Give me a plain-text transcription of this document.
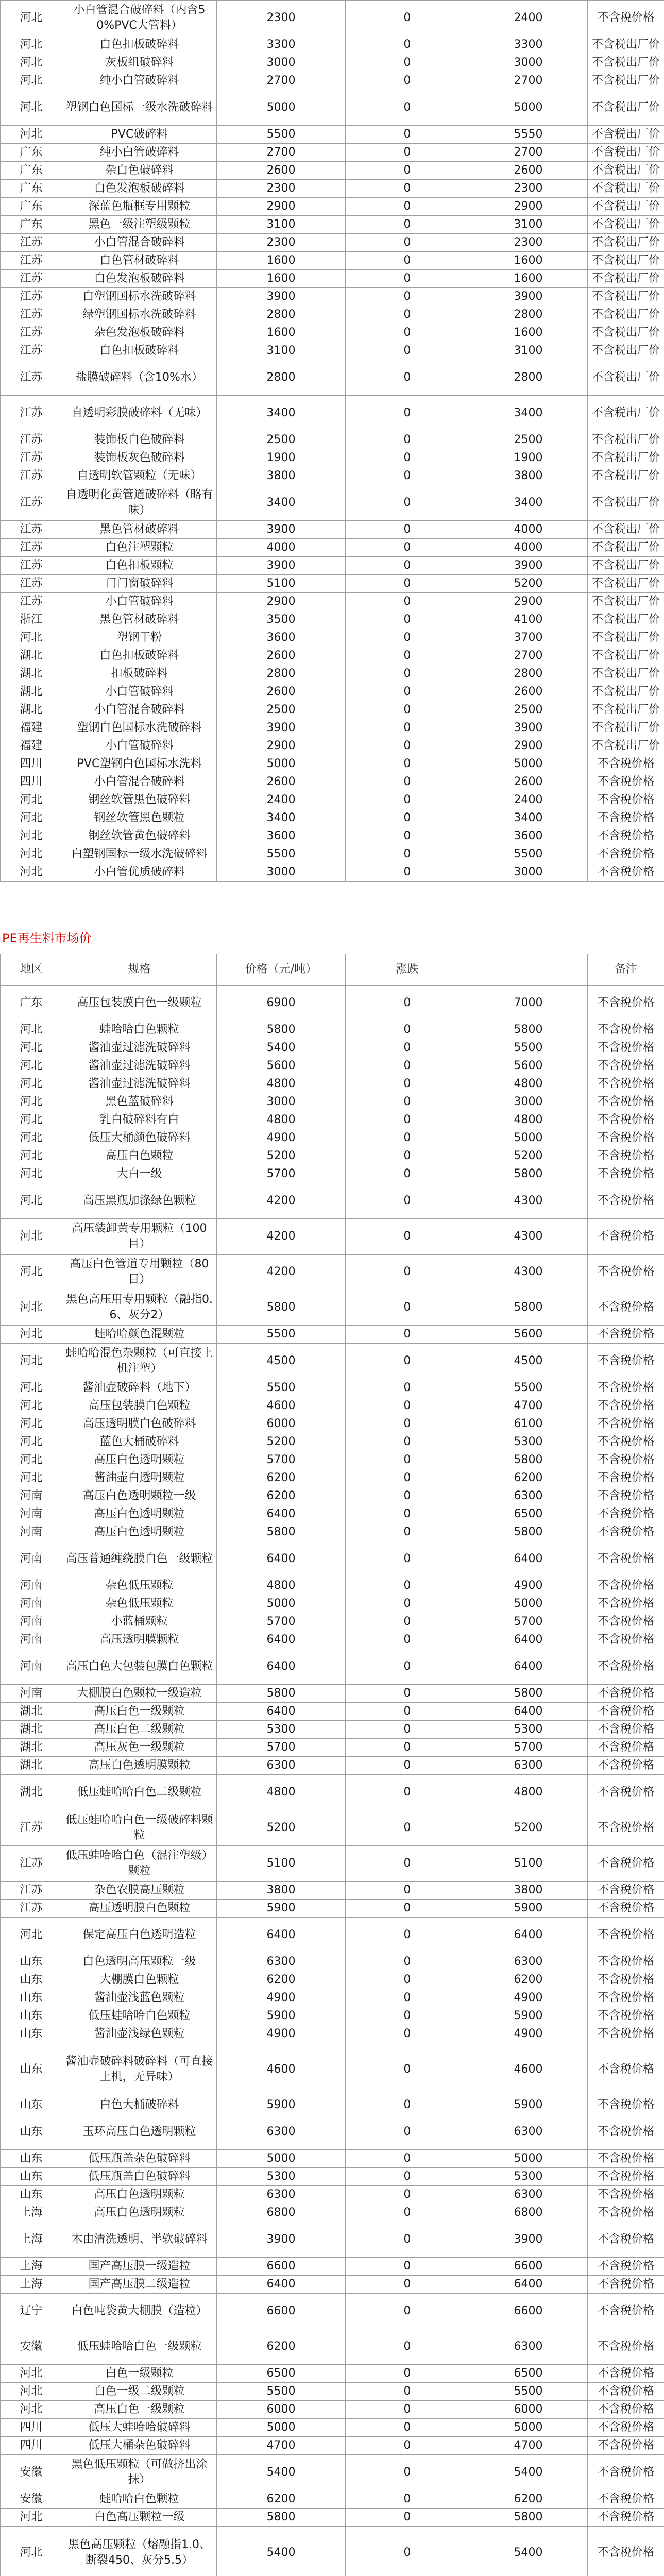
河北	小白管混合破碎料（内含50%PVC大管料）	2300	0	2400	不含税价格
河北	白色扣板破碎料	3300	0	3300	不含税出厂价
河北	灰板组破碎料	3000	0	3000	不含税出厂价
河北	纯小白管破碎料	2700	0	2700	不含税出厂价
河北	塑钢白色国标一级水洗破碎料	5000	0	5000	不含税出厂价
河北	PVC破碎料	5500	0	5550	不含税出厂价
广东	纯小白管破碎料	2700	0	2700	不含税出厂价
广东	杂白色破碎料	2600	0	2600	不含税出厂价
广东	白色发泡板破碎料	2300	0	2300	不含税出厂价
广东	深蓝色瓶框专用颗粒	2900	0	2900	不含税出厂价
广东	黑色一级注塑级颗粒	3100	0	3100	不含税出厂价
江苏	小白管混合破碎料	2300	0	2300	不含税出厂价
江苏	白色管材破碎料	1600	0	1600	不含税出厂价
江苏	白色发泡板破碎料	1600	0	1600	不含税出厂价
江苏	白塑钢国标水洗破碎料	3900	0	3900	不含税出厂价
江苏	绿塑钢国标水洗破碎料	2800	0	2800	不含税出厂价
江苏	杂色发泡板破碎料	1600	0	1600	不含税出厂价
江苏	白色扣板破碎料	3100	0	3100	不含税出厂价
江苏	盐膜破碎料（含10%水）	2800	0	2800	不含税出厂价
江苏	自透明彩膜破碎料（无味）	3400	0	3400	不含税出厂价
江苏	装饰板白色破碎料	2500	0	2500	不含税出厂价
江苏	装饰板灰色破碎料	1900	0	1900	不含税出厂价
江苏	自透明软管颗粒（无味）	3800	0	3800	不含税出厂价
江苏	自透明化黄管道破碎料（略有味）	3400	0	3400	不含税出厂价
江苏	黑色管材破碎料	3900	0	4000	不含税出厂价
江苏	白色注塑颗粒	4000	0	4000	不含税出厂价
江苏	白色扣板颗粒	3900	0	3900	不含税出厂价
江苏	门门窗破碎料	5100	0	5200	不含税出厂价
江苏	小白管破碎料	2900	0	2900	不含税出厂价
浙江	黑色管材破碎料	3500	0	4100	不含税出厂价
河北	塑钢干粉	3600	0	3700	不含税出厂价
湖北	白色扣板破碎料	2600	0	2700	不含税出厂价
湖北	扣板破碎料	2800	0	2800	不含税出厂价
湖北	小白管破碎料	2600	0	2600	不含税出厂价
湖北	小白管混合破碎料	2500	0	2500	不含税出厂价
福建	塑钢白色国标水洗破碎料	3900	0	3900	不含税出厂价
福建	小白管破碎料	2900	0	2900	不含税出厂价
四川	PVC塑钢白色国标水洗料	5000	0	5000	不含税价格
四川	小白管混合破碎料	2600	0	2600	不含税价格
河北	钢丝软管黑色破碎料	2400	0	2400	不含税价格
河北	钢丝软管黑色颗粒	3400	0	3400	不含税价格
河北	钢丝软管黄色破碎料	3600	0	3600	不含税价格
河北	白塑钢国标一级水洗破碎料	5500	0	5500	不含税价格
河北	小白管优质破碎料	3000	0	3000	不含税价格
PE再生料市场价
地区	规格	价格（元/吨）	涨跌		备注
广东	高压包装膜白色一级颗粒	6900	0	7000	不含税价格
河北	蛙哈哈白色颗粒	5800	0	5800	不含税价格
河北	酱油壶过滤洗破碎料	5400	0	5500	不含税价格
河北	酱油壶过滤洗破碎料	5600	0	5600	不含税价格
河北	酱油壶过滤洗破碎料	4800	0	4800	不含税价格
河北	黑色蓝破碎料	3000	0	3000	不含税价格
河北	乳白破碎料有白	4800	0	4800	不含税价格
河北	低压大桶颜色破碎料	4900	0	5000	不含税价格
河北	高压白色颗粒	5200	0	5200	不含税价格
河北	大白一级	5700	0	5800	不含税价格
河北	高压黑瓶加涤绿色颗粒	4200	0	4300	不含税价格
河北	高压装卸黄专用颗粒（100目）	4200	0	4300	不含税价格
河北	高压白色管道专用颗粒（80目）	4200	0	4300	不含税价格
河北	黑色高压用专用颗粒（融指0.6、灰分2）	5800	0	5800	不含税价格
河北	蛙哈哈颜色混颗粒	5500	0	5600	不含税价格
河北	蛙哈哈混色杂颗粒（可直接上机注塑）	4500	0	4500	不含税价格
河北	酱油壶破碎料（地下）	5500	0	5500	不含税价格
河北	高压包装膜白色颗粒	4600	0	4700	不含税价格
河北	高压透明膜白色破碎料	6000	0	6100	不含税价格
河北	蓝色大桶破碎料	5200	0	5300	不含税价格
河北	高压白色透明颗粒	5700	0	5800	不含税价格
河北	酱油壶白透明颗粒	6200	0	6200	不含税价格
河南	高压白色透明颗粒一级	6200	0	6300	不含税价格
河南	高压白色透明颗粒	6400	0	6500	不含税价格
河南	高压白色透明颗粒	5800	0	5800	不含税价格
河南	高压普通缠绕膜白色一级颗粒	6400	0	6400	不含税价格
河南	杂色低压颗粒	4800	0	4900	不含税价格
河南	杂色低压颗粒	5000	0	5000	不含税价格
河南	小蓝桶颗粒	5700	0	5700	不含税价格
河南	高压透明膜颗粒	6400	0	6400	不含税价格
河南	高压白色大包装包膜白色颗粒	6400	0	6400	不含税价格
河南	大棚膜白色颗粒一级造粒	5800	0	5800	不含税价格
湖北	高压白色一级颗粒	6400	0	6400	不含税价格
湖北	高压白色二级颗粒	5300	0	5300	不含税价格
湖北	高压灰色一级颗粒	5700	0	5700	不含税价格
湖北	高压白色透明膜颗粒	6300	0	6300	不含税价格
湖北	低压蛙哈哈白色二级颗粒	4800	0	4800	不含税价格
江苏	低压蛙哈哈白色一级破碎料颗粒	5200	0	5200	不含税价格
江苏	低压蛙哈哈白色（混注塑级）颗粒	5100	0	5100	不含税价格
江苏	杂色农膜高压颗粒	3800	0	3800	不含税价格
江苏	高压透明膜白色颗粒	5900	0	5900	不含税价格
河北	保定高压白色透明造粒	6400	0	6400	不含税价格
山东	白色透明高压颗粒一级	6300	0	6300	不含税价格
山东	大棚膜白色颗粒	6200	0	6200	不含税价格
山东	酱油壶浅蓝色颗粒	4900	0	4900	不含税价格
山东	低压蛙哈哈白色颗粒	5900	0	5900	不含税价格
山东	酱油壶浅绿色颗粒	4900	0	4900	不含税价格
山东	酱油壶破碎料破碎料（可直接上机，无异味）	4600	0	4600	不含税价格
山东	白色大桶破碎料	5900	0	5900	不含税价格
山东	玉环高压白色透明颗粒	6300	0	6300	不含税价格
山东	低压瓶盖杂色破碎料	5000	0	5000	不含税价格
山东	低压瓶盖白色破碎料	5300	0	5300	不含税价格
山东	高压白色透明颗粒	6300	0	6300	不含税价格
上海	高压白色透明颗粒	6800	0	6800	不含税价格
上海	木由清洗透明、半软破碎料	3900	0	3900	不含税价格
上海	国产高压膜一级造粒	6600	0	6600	不含税价格
上海	国产高压膜二级造粒	6400	0	6400	不含税价格
辽宁	白色吨袋黄大棚膜（造粒）	6600	0	6600	不含税价格
安徽	低压蛙哈哈白色一级颗粒	6200	0	6300	不含税价格
河北	白色一级颗粒	6500	0	6500	不含税价格
河北	白色一级二级颗粒	5500	0	5500	不含税价格
河北	高压白色一级颗粒	6000	0	6000	不含税价格
四川	低压大蛙哈哈破碎料	5000	0	5000	不含税价格
四川	低压大桶杂色破碎料	4700	0	4700	不含税价格
安徽	黑色低压颗粒（可做挤出涂抹）	5400	0	5400	不含税价格
安徽	蛙哈哈白色颗粒	6200	0	6200	不含税价格
河北	白色高压颗粒一级	5800	0	5800	不含税价格
河北	黑色高压颗粒（熔融指1.0、断裂450、灰分5.5）	5400	0	5400	不含税价格
